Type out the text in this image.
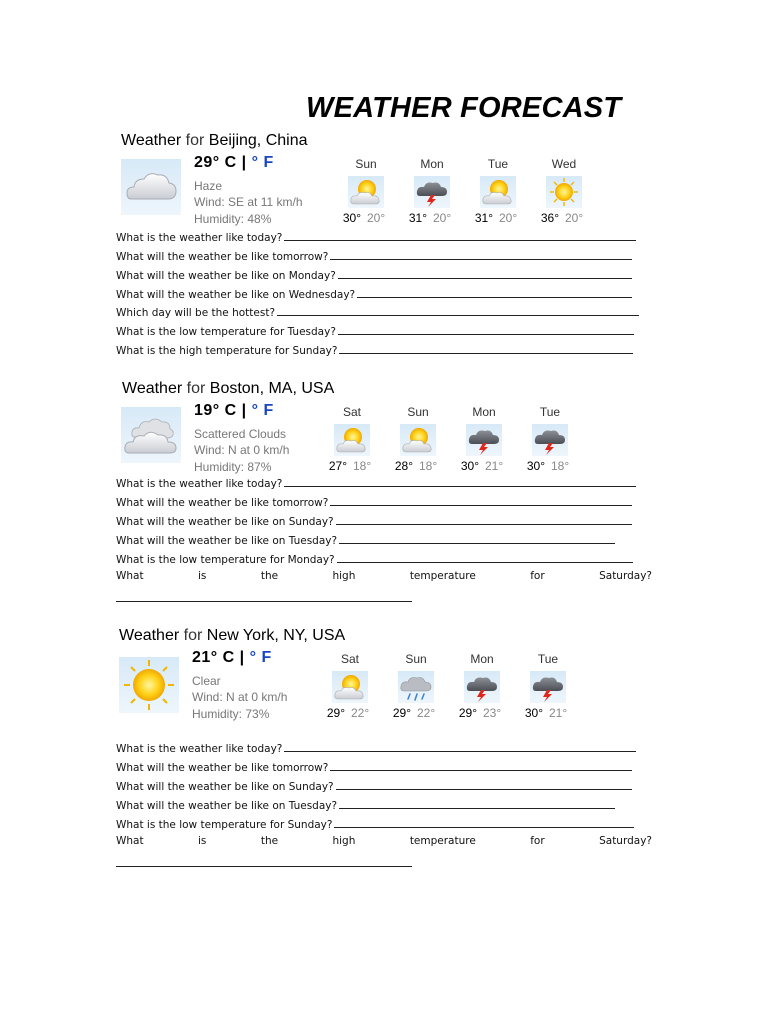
WEATHER FORECAST
Weather for Beijing, China
29° C | ° F
Haze
Wind: SE at 11 km/h
Humidity: 48%
Sun	Mon	Tue	Wed
30° 20°	31° 20°	31° 20°	36° 20°
What is the weather like today?
What will the weather be like tomorrow?
What will the weather be like on Monday?
What will the weather be like on Wednesday?
Which day will be the hottest?
What is the low temperature for Tuesday?
What is the high temperature for Sunday?
Weather for Boston, MA, USA
19° C | ° F
Scattered Clouds
Wind: N at 0 km/h
Humidity: 87%
Sat	Sun	Mon	Tue
27° 18°	28° 18°	30° 21°	30° 18°
What is the weather like today?
What will the weather be like tomorrow?
What will the weather be like on Sunday?
What will the weather be like on Tuesday?
What is the low temperature for Monday?
What	is	the	high	temperature	for	Saturday?
Weather for New York, NY, USA
21° C | ° F
Clear
Wind: N at 0 km/h
Humidity: 73%
Sat	Sun	Mon	Tue
29° 22°	29° 22°	29° 23°	30° 21°
What is the weather like today?
What will the weather be like tomorrow?
What will the weather be like on Sunday?
What will the weather be like on Tuesday?
What is the low temperature for Sunday?
What	is	the	high	temperature	for	Saturday?
